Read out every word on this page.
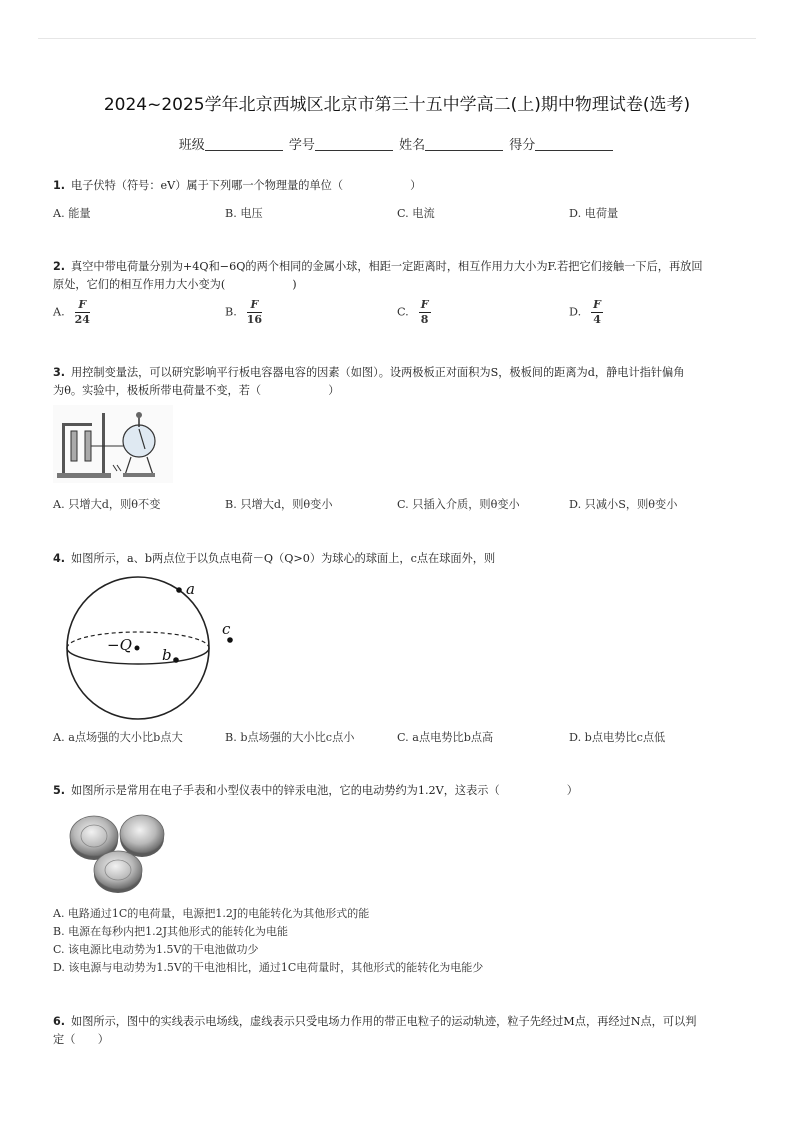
2024~2025学年北京西城区北京市第三十五中学高二(上)期中物理试卷(选考)
班级	学号	姓名	得分
1. 电子伏特（符号：eV）属于下列哪一个物理量的单位（　　　　　　）
A. 能量	B. 电压	C. 电流	D. 电荷量
2. 真空中带电荷量分别为+4Q和−6Q的两个相同的金属小球，相距一定距离时，相互作用力大小为F.若把它们接触一下后，再放回
原处，它们的相互作用力大小变为(　　　　　　)
A. $\frac{F}{24}$	B. $\frac{F}{16}$	C. $\frac{F}{8}$	D. $\frac{F}{4}$
3. 用控制变量法，可以研究影响平行板电容器电容的因素（如图）。设两极板正对面积为S，极板间的距离为d，静电计指针偏角
为θ。实验中，极板所带电荷量不变，若（　　　　　　）
A. 只增大d，则θ不变	B. 只增大d，则θ变小	C. 只插入介质，则θ变小	D. 只减小S，则θ变小
4. 如图所示，a、b两点位于以负点电荷－Q（Q>0）为球心的球面上，c点在球面外，则
−Q
a
b
c
A. a点场强的大小比b点大	B. b点场强的大小比c点小	C. a点电势比b点高	D. b点电势比c点低
5. 如图所示是常用在电子手表和小型仪表中的锌汞电池，它的电动势约为1.2V，这表示（　　　　　　）
A. 电路通过1C的电荷量，电源把1.2J的电能转化为其他形式的能
B. 电源在每秒内把1.2J其他形式的能转化为电能
C. 该电源比电动势为1.5V的干电池做功少
D. 该电源与电动势为1.5V的干电池相比，通过1C电荷量时，其他形式的能转化为电能少
6. 如图所示，图中的实线表示电场线，虚线表示只受电场力作用的带正电粒子的运动轨迹，粒子先经过M点，再经过N点，可以判
定（　　）
